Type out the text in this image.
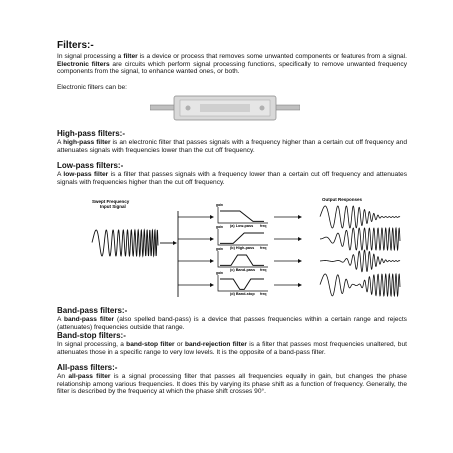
Filters:-

In signal processing a filter is a device or process that removes some unwanted components or features from a signal. Electronic filters are circuits which perform signal processing functions, specifically to remove unwanted frequency components from the signal, to enhance wanted ones, or both.

Electronic filters can be:

High-pass filters:-

A high-pass filter is an electronic filter that passes signals with a frequency higher than a certain cut off frequency and attenuates signals with frequencies lower than the cut off frequency.

Low-pass filters:-

A low-pass filter is a filter that passes signals with a frequency lower than a certain cut off frequency and attenuates signals with frequencies higher than the cut off frequency.

Swept Frequency
Input Signal
Output Responses
gain
freq
(a) Low-pass
gain
freq
(b) High-pass
gain
freq
(c) Band-pass
gain
freq
(d) Band-stop
Band-pass filters:-

A band-pass filter (also spelled band-pass) is a device that passes frequencies within a certain range and rejects (attenuates) frequencies outside that range.

Band-stop filters:-

In signal processing, a band-stop filter or band-rejection filter is a filter that passes most frequencies unaltered, but attenuates those in a specific range to very low levels. It is the opposite of a band-pass filter.

All-pass filters:-

An all-pass filter is a signal processing filter that passes all frequencies equally in gain, but changes the phase relationship among various frequencies. It does this by varying its phase shift as a function of frequency. Generally, the filter is described by the frequency at which the phase shift crosses 90°.
